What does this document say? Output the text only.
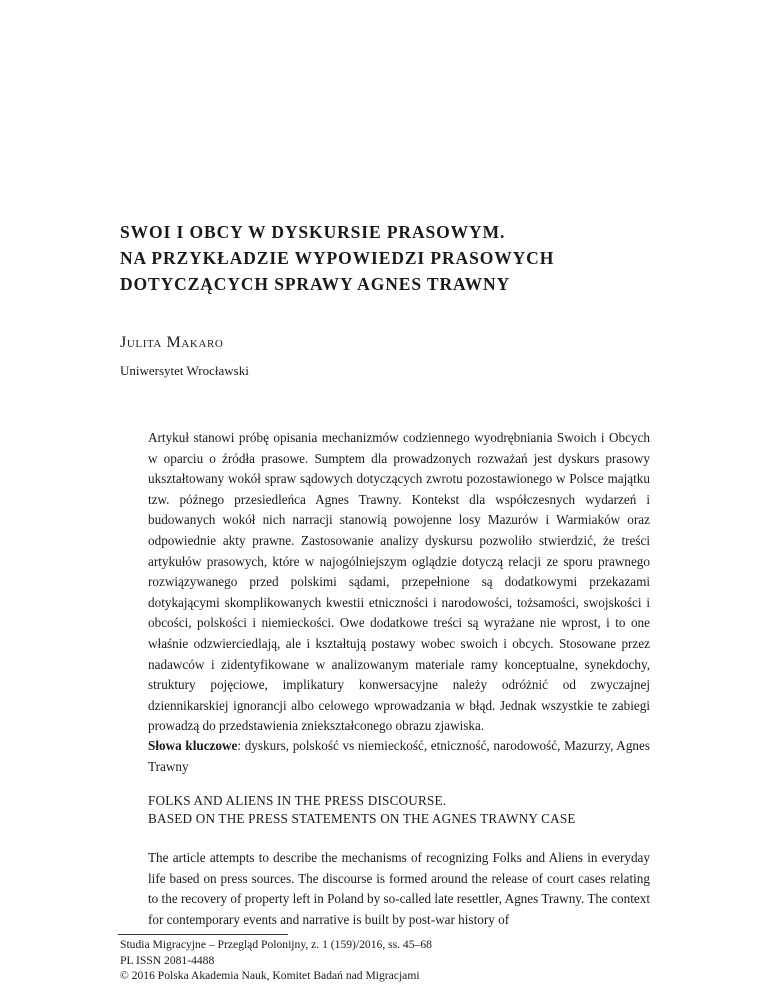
SWOI I OBCY W DYSKURSIE PRASOWYM.
NA PRZYKŁADZIE WYPOWIEDZI PRASOWYCH
DOTYCZĄCYCH SPRAWY AGNES TRAWNY

Julita Makaro

Uniwersytet Wrocławski

Artykuł stanowi próbę opisania mechanizmów codziennego wyodrębniania Swoich i Obcych w oparciu o źródła prasowe. Sumptem dla prowadzonych rozważań jest dyskurs prasowy ukształtowany wokół spraw sądowych dotyczących zwrotu pozostawionego w Polsce majątku tzw. późnego przesiedleńca Agnes Trawny. Kontekst dla współczesnych wydarzeń i budowanych wokół nich narracji stanowią powojenne losy Mazurów i Warmiaków oraz odpowiednie akty prawne. Zastosowanie analizy dyskursu pozwoliło stwierdzić, że treści artykułów prasowych, które w najogólniejszym oglądzie dotyczą relacji ze sporu prawnego rozwiązywanego przed polskimi sądami, przepełnione są dodatkowymi przekazami dotykającymi skomplikowanych kwestii etniczności i narodowości, tożsamości, swojskości i obcości, polskości i niemieckości. Owe dodatkowe treści są wyrażane nie wprost, i to one właśnie odzwierciedlają, ale i kształtują postawy wobec swoich i obcych. Stosowane przez nadawców i zidentyfikowane w analizowanym materiale ramy konceptualne, synekdochy, struktury pojęciowe, implikatury konwersacyjne należy odróżnić od zwyczajnej dziennikarskiej ignorancji albo celowego wprowadzania w błąd. Jednak wszystkie te zabiegi prowadzą do przedstawienia zniekształconego obrazu zjawiska.

Słowa kluczowe: dyskurs, polskość vs niemieckość, etniczność, narodowość, Mazurzy, Agnes Trawny

FOLKS AND ALIENS IN THE PRESS DISCOURSE.
BASED ON THE PRESS STATEMENTS ON THE AGNES TRAWNY CASE

The article attempts to describe the mechanisms of recognizing Folks and Aliens in everyday life based on press sources. The discourse is formed around the release of court cases relating to the recovery of property left in Poland by so-called late resettler, Agnes Trawny. The context for contemporary events and narrative is built by post-war history of

Studia Migracyjne – Przegląd Polonijny, z. 1 (159)/2016, ss. 45–68
PL ISSN 2081-4488
© 2016 Polska Akademia Nauk, Komitet Badań nad Migracjami
